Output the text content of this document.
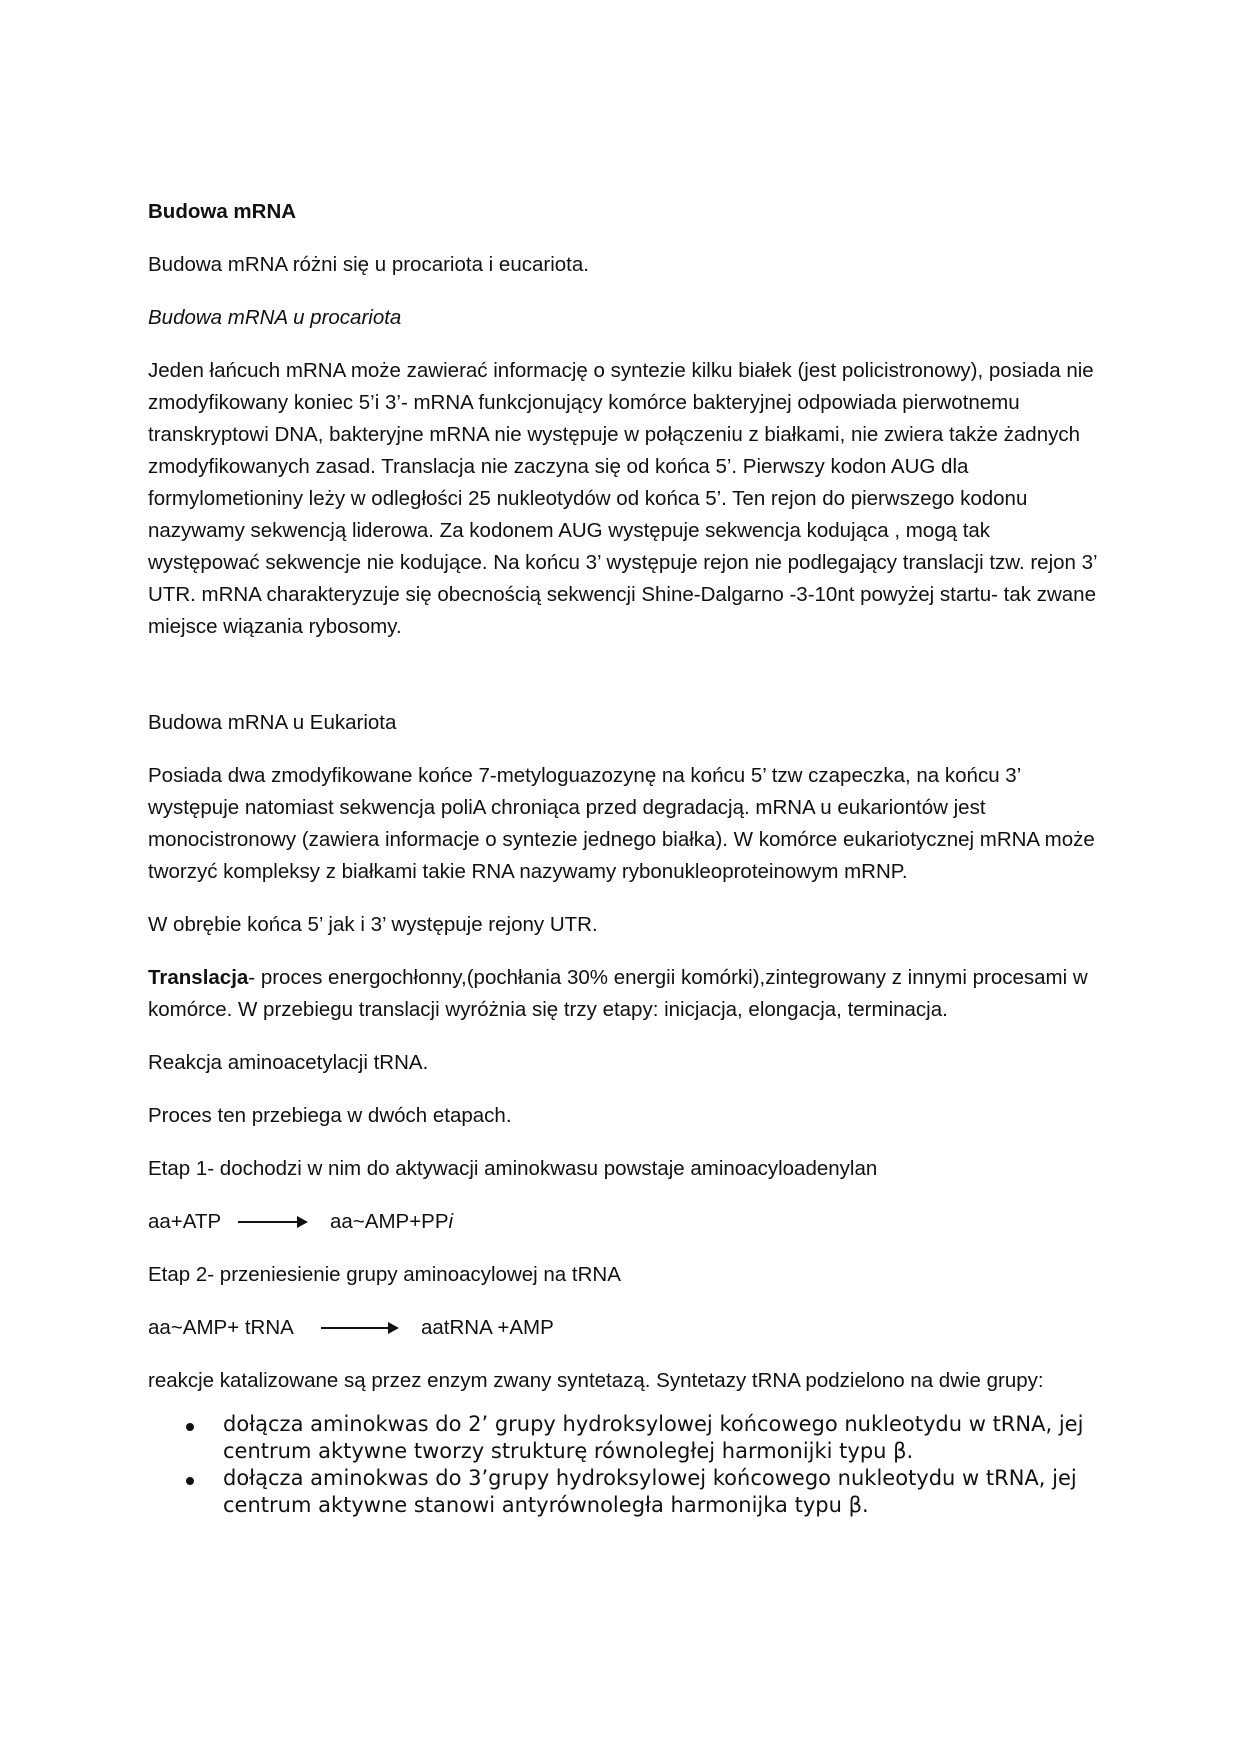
Budowa mRNA

Budowa mRNA różni się u procariota i eucariota.

Budowa mRNA u procariota

Jeden łańcuch mRNA może zawierać informację o syntezie kilku białek (jest policistronowy), posiada nie zmodyfikowany koniec 5’i 3’- mRNA funkcjonujący komórce bakteryjnej odpowiada pierwotnemu transkryptowi DNA, bakteryjne mRNA nie występuje w połączeniu z białkami, nie zwiera także żadnych zmodyfikowanych zasad. Translacja nie zaczyna się od końca 5’. Pierwszy kodon AUG dla formylometioniny leży w odległości 25 nukleotydów od końca 5’. Ten rejon do pierwszego kodonu nazywamy sekwencją liderowa. Za kodonem AUG występuje sekwencja kodująca , mogą tak występować sekwencje nie kodujące. Na końcu 3’ występuje rejon nie podlegający translacji tzw. rejon 3’ UTR. mRNA charakteryzuje się obecnością sekwencji Shine-Dalgarno -3-10nt powyżej startu- tak zwane miejsce wiązania rybosomy.

Budowa mRNA u Eukariota

Posiada dwa zmodyfikowane końce 7-metyloguazozynę na końcu 5’ tzw czapeczka, na końcu 3’ występuje natomiast sekwencja poliA chroniąca przed degradacją. mRNA u eukariontów jest monocistronowy (zawiera informacje o syntezie jednego białka). W komórce eukariotycznej mRNA może tworzyć kompleksy z białkami takie RNA nazywamy rybonukleoproteinowym mRNP.

W obrębie końca 5’ jak i 3’ występuje rejony UTR.

Translacja- proces energochłonny,(pochłania 30% energii komórki),zintegrowany z innymi procesami w komórce. W przebiegu translacji wyróżnia się trzy etapy: inicjacja, elongacja, terminacja.

Reakcja aminoacetylacji tRNA.

Proces ten przebiega w dwóch etapach.

Etap 1- dochodzi w nim do aktywacji aminokwasu powstaje aminoacyloadenylan

aa+ATP	aa~AMP+PPi

Etap 2- przeniesienie grupy aminoacylowej na tRNA

aa~AMP+ tRNA	aatRNA +AMP

reakcje katalizowane są przez enzym zwany syntetazą. Syntetazy tRNA podzielono na dwie grupy:

dołącza aminokwas do 2’ grupy hydroksylowej końcowego nukleotydu w tRNA, jej centrum aktywne tworzy strukturę równoległej harmonijki typu β.
dołącza aminokwas do 3’grupy hydroksylowej końcowego nukleotydu w tRNA, jej centrum aktywne stanowi antyrównoległa harmonijka typu β.
